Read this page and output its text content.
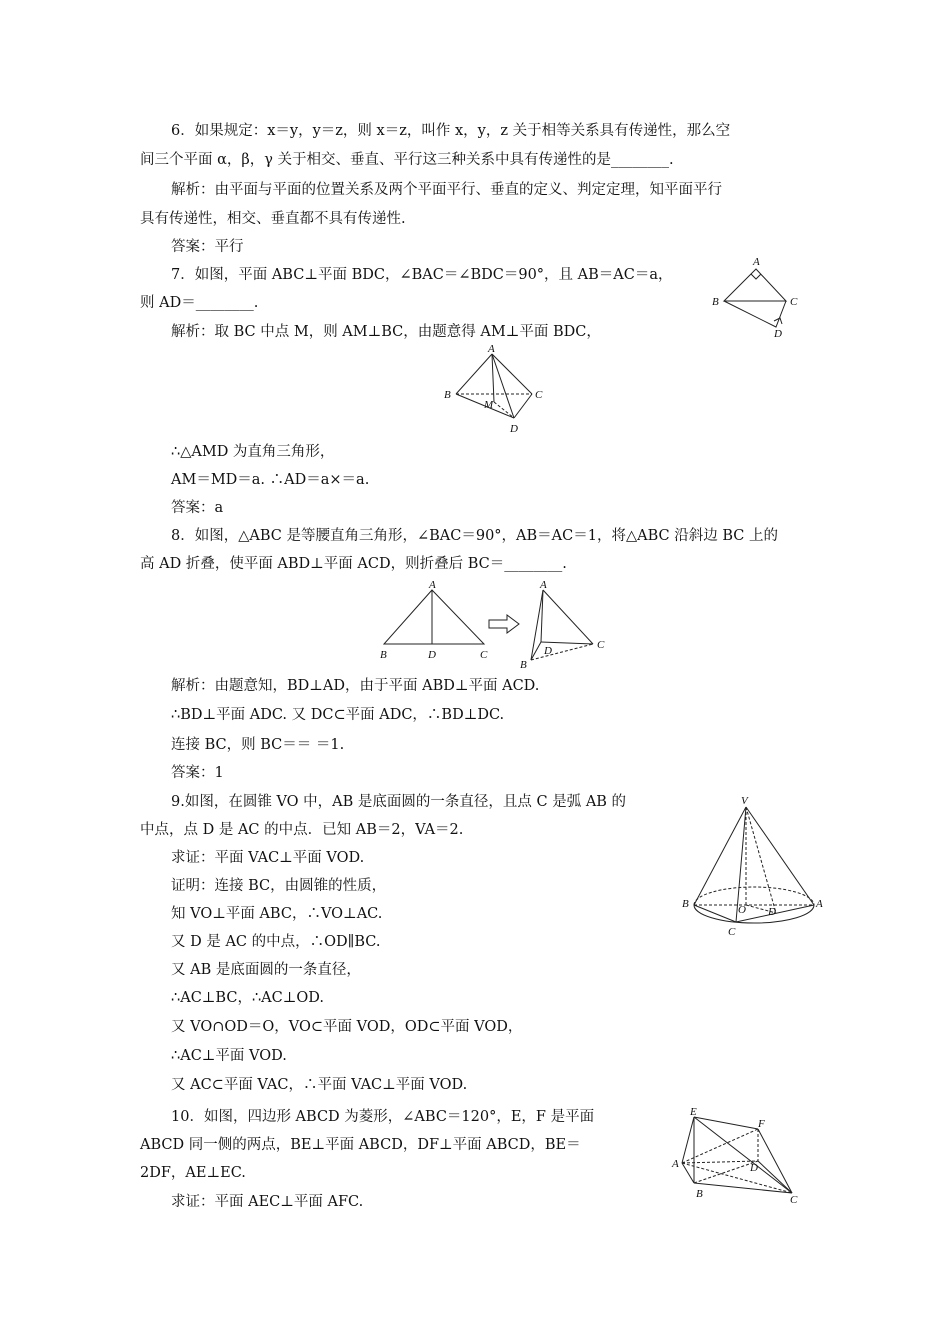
6．如果规定：x＝y，y＝z，则 x＝z，叫作 x，y，z 关于相等关系具有传递性，那么空
间三个平面 α，β，γ 关于相交、垂直、平行这三种关系中具有传递性的是________.
解析：由平面与平面的位置关系及两个平面平行、垂直的定义、判定定理，知平面平行
具有传递性，相交、垂直都不具有传递性.
答案：平行
7．如图，平面 ABC⊥平面 BDC，∠BAC＝∠BDC＝90°，且 AB＝AC＝a，
则 AD＝________.
解析：取 BC 中点 M，则 AM⊥BC，由题意得 AM⊥平面 BDC，
A
B	C
D
A
B	C
M
D
∴△AMD 为直角三角形，
AM＝MD＝a. ∴AD＝a×＝a.
答案：a
8．如图，△ABC 是等腰直角三角形，∠BAC＝90°，AB＝AC＝1，将△ABC 沿斜边 BC 上的
高 AD 折叠，使平面 ABD⊥平面 ACD，则折叠后 BC＝________.
A
B	D	C
A
B
D	C
解析：由题意知，BD⊥AD，由于平面 ABD⊥平面 ACD.
∴BD⊥平面 ADC. 又 DC⊂平面 ADC，∴BD⊥DC.
连接 BC，则 BC＝＝ ＝1.
答案：1
9.如图，在圆锥 VO 中，AB 是底面圆的一条直径，且点 C 是弧 AB 的
中点，点 D 是 AC 的中点．已知 AB＝2，VA＝2.
求证：平面 VAC⊥平面 VOD.
证明：连接 BC，由圆锥的性质，
知 VO⊥平面 ABC，∴VO⊥AC.
又 D 是 AC 的中点，∴OD∥BC.
又 AB 是底面圆的一条直径，
∴AC⊥BC，∴AC⊥OD.
又 VO∩OD＝O，VO⊂平面 VOD，OD⊂平面 VOD，
∴AC⊥平面 VOD.
又 AC⊂平面 VAC，∴平面 VAC⊥平面 VOD.
V
B	O D
A
C
10．如图，四边形 ABCD 为菱形，∠ABC＝120°，E，F 是平面
ABCD 同一侧的两点，BE⊥平面 ABCD，DF⊥平面 ABCD，BE＝
2DF，AE⊥EC.
求证：平面 AEC⊥平面 AFC.
E
F
A	D
B	C
